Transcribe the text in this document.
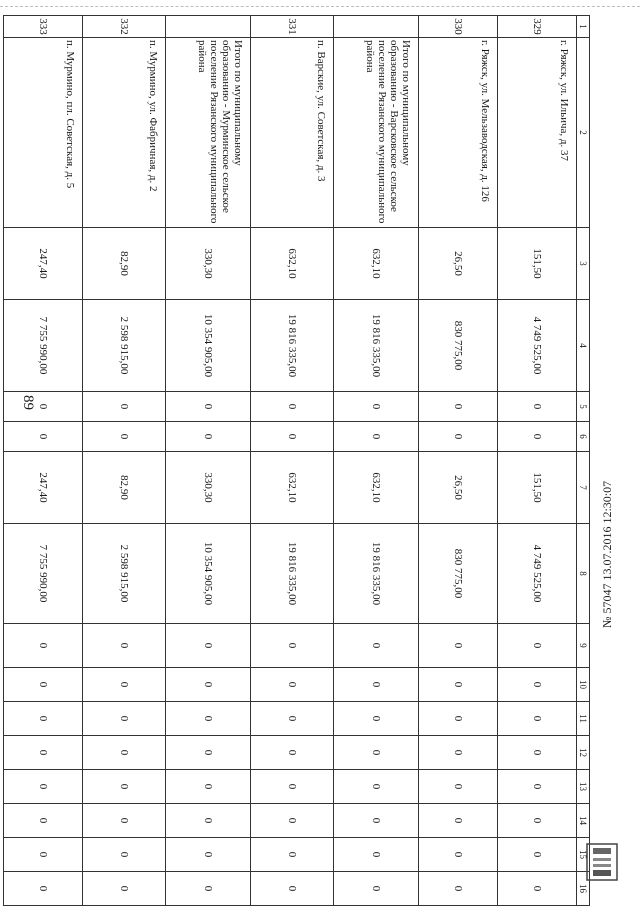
89
1	2	3	4	5	6	7	8	9	10	11	12	13	14	15	16
329	г. Ряжск, ул. Ильича, д. 37	151,50	4 749 525,00	0	0	151,50	4 749 525,00	0	0	0	0	0	0	0	0
330	г. Ряжск, ул. Мельзаводская, д. 126	26,50	830 775,00	0	0	26,50	830 775,00	0	0	0	0	0	0	0	0
	Итого по муниципальному образованию - Варсковское сельское поселение Рязанского муниципального района	632,10	19 816 335,00	0	0	632,10	19 816 335,00	0	0	0	0	0	0	0	0
331	п. Варские, ул. Советская, д. 3	632,10	19 816 335,00	0	0	632,10	19 816 335,00	0	0	0	0	0	0	0	0
	Итого по муниципальному образованию - Мурминское сельское поселение Рязанского муниципального района	330,30	10 354 905,00	0	0	330,30	10 354 905,00	0	0	0	0	0	0	0	0
332	п. Мурмино, ул. Фабричная, д. 2	82,90	2 598 915,00	0	0	82,90	2 598 915,00	0	0	0	0	0	0	0	0
333	п. Мурмино, пл. Советская, д. 5	247,40	7 755 990,00	0	0	247,40	7 755 990,00	0	0	0	0	0	0	0	0
№ 57047 13.07.2016 12:30:07
